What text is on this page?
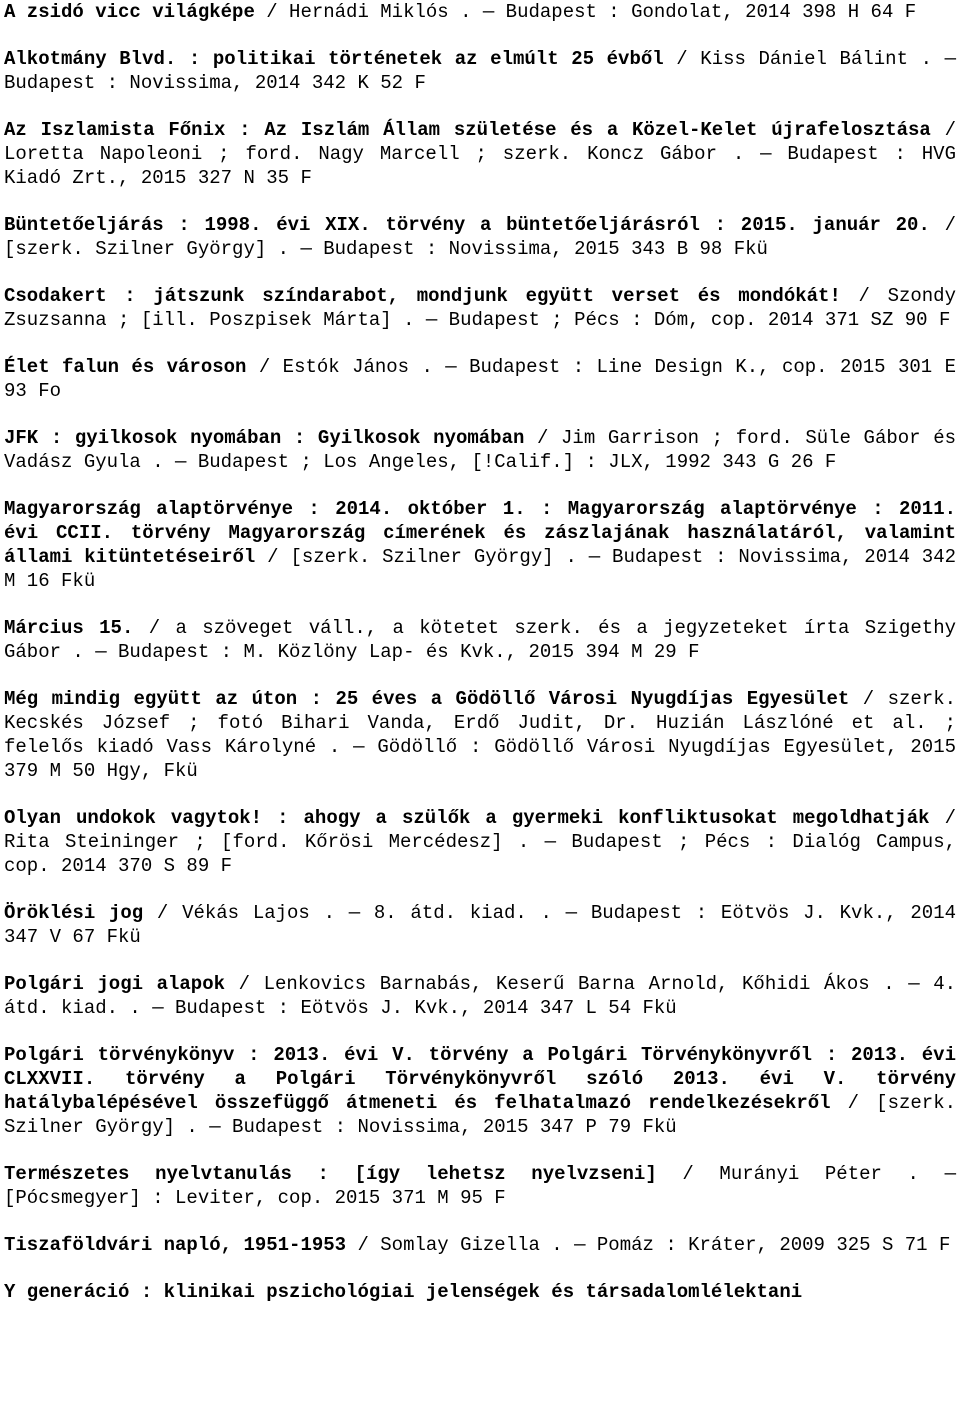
A zsidó vicc világképe / Hernádi Miklós . — Budapest : Gondolat, 2014 398 H 64 F
Alkotmány Blvd. : politikai történetek az elmúlt 25 évből / Kiss Dániel Bálint . — Budapest : Novissima, 2014 342 K 52 F
Az Iszlamista Főnix : Az Iszlám Állam születése és a Közel-Kelet újrafelosztása / Loretta Napoleoni ; ford. Nagy Marcell ; szerk. Koncz Gábor . — Budapest : HVG Kiadó Zrt., 2015 327 N 35 F
Büntetőeljárás : 1998. évi XIX. törvény a büntetőeljárásról : 2015. január 20. / [szerk. Szilner György] . — Budapest : Novissima, 2015 343 B 98 Fkü
Csodakert : játszunk színdarabot, mondjunk együtt verset és mondókát! / Szondy Zsuzsanna ; [ill. Poszpisek Márta] . — Budapest ; Pécs : Dóm, cop. 2014 371 SZ 90 F
Élet falun és városon / Estók János . — Budapest : Line Design K., cop. 2015 301 E 93 Fo
JFK : gyilkosok nyomában : Gyilkosok nyomában / Jim Garrison ; ford. Süle Gábor és Vadász Gyula . — Budapest ; Los Angeles, [!Calif.] : JLX, 1992 343 G 26 F
Magyarország alaptörvénye : 2014. október 1. : Magyarország alaptörvénye : 2011. évi CCII. törvény Magyarország címerének és zászlajának használatáról, valamint állami kitüntetéseiről / [szerk. Szilner György] . — Budapest : Novissima, 2014 342 M 16 Fkü
Március 15. / a szöveget váll., a kötetet szerk. és a jegyzeteket írta Szigethy Gábor . — Budapest : M. Közlöny Lap- és Kvk., 2015 394 M 29 F
Még mindig együtt az úton : 25 éves a Gödöllő Városi Nyugdíjas Egyesület / szerk. Kecskés József ; fotó Bihari Vanda, Erdő Judit, Dr. Huzián Lászlóné et al. ; felelős kiadó Vass Károlyné . — Gödöllő : Gödöllő Városi Nyugdíjas Egyesület, 2015 379 M 50 Hgy, Fkü
Olyan undokok vagytok! : ahogy a szülők a gyermeki konfliktusokat megoldhatják / Rita Steininger ; [ford. Kőrösi Mercédesz] . — Budapest ; Pécs : Dialóg Campus, cop. 2014 370 S 89 F
Öröklési jog / Vékás Lajos . — 8. átd. kiad. . — Budapest : Eötvös J. Kvk., 2014 347 V 67 Fkü
Polgári jogi alapok / Lenkovics Barnabás, Keserű Barna Arnold, Kőhidi Ákos . — 4. átd. kiad. . — Budapest : Eötvös J. Kvk., 2014 347 L 54 Fkü
Polgári törvénykönyv : 2013. évi V. törvény a Polgári Törvénykönyvről : 2013. évi CLXXVII. törvény a Polgári Törvénykönyvről szóló 2013. évi V. törvény hatálybalépésével összefüggő átmeneti és felhatalmazó rendelkezésekről / [szerk. Szilner György] . — Budapest : Novissima, 2015 347 P 79 Fkü
Természetes nyelvtanulás : [így lehetsz nyelvzseni] / Murányi Péter . — [Pócsmegyer] : Leviter, cop. 2015 371 M 95 F
Tiszaföldvári napló, 1951-1953 / Somlay Gizella . — Pomáz : Kráter, 2009 325 S 71 F
Y generáció : klinikai pszichológiai jelenségek és társadalomlélektani
